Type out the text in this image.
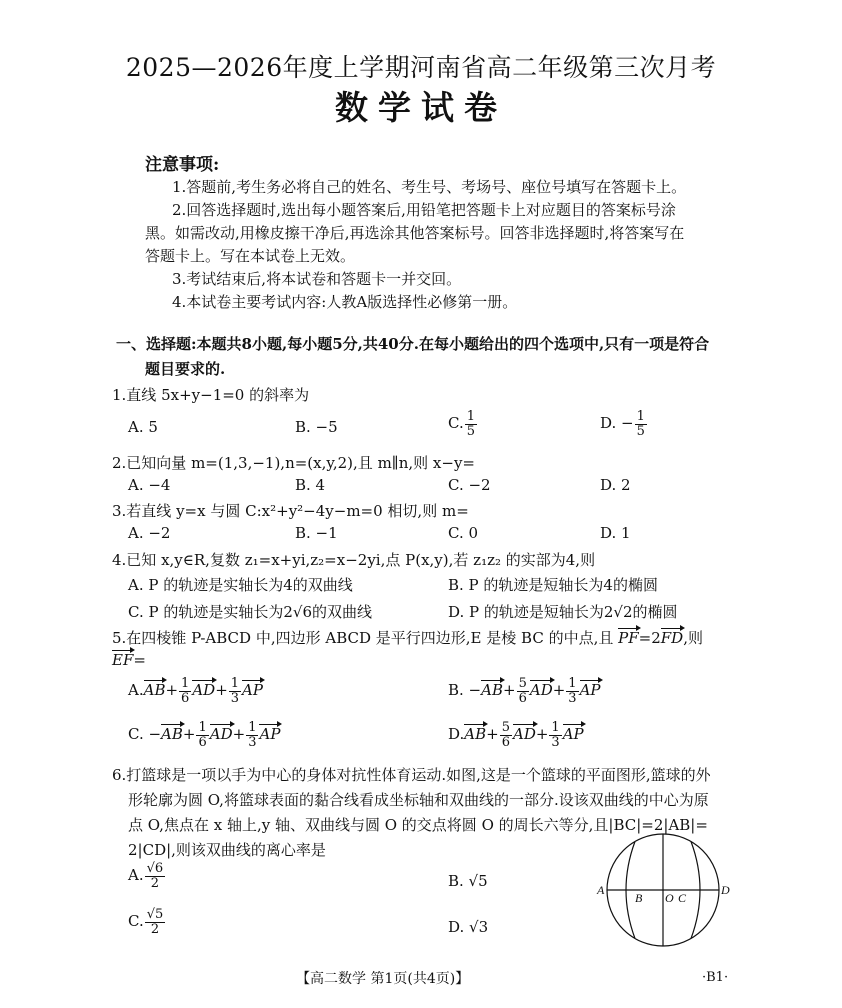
2025—2026年度上学期河南省高二年级第三次月考
数学试卷
注意事项:
1.答题前,考生务必将自己的姓名、考生号、考场号、座位号填写在答题卡上。
2.回答选择题时,选出每小题答案后,用铅笔把答题卡上对应题目的答案标号涂
黑。如需改动,用橡皮擦干净后,再选涂其他答案标号。回答非选择题时,将答案写在
答题卡上。写在本试卷上无效。
3.考试结束后,将本试卷和答题卡一并交回。
4.本试卷主要考试内容:人教A版选择性必修第一册。
一、选择题:本题共8小题,每小题5分,共40分.在每小题给出的四个选项中,只有一项是符合
题目要求的.
1.直线 5x+y−1=0 的斜率为
A. 5	B. −5	C. $\frac{1}{5}$	D. − $\frac{1}{5}$
2.已知向量 m=(1,3,−1),n=(x,y,2),且 m∥n,则 x−y=
A. −4	B. 4	C. −2	D. 2
3.若直线 y=x 与圆 C:x²+y²−4y−m=0 相切,则 m=
A. −2	B. −1	C. 0	D. 1
4.已知 x,y∈R,复数 z₁=x+yi,z₂=x−2yi,点 P(x,y),若 z₁z₂ 的实部为4,则
A. P 的轨迹是实轴长为4的双曲线	B. P 的轨迹是短轴长为4的椭圆
C. P 的轨迹是实轴长为2√6的双曲线	D. P 的轨迹是短轴长为2√2的椭圆
5.在四棱锥 P-ABCD 中,四边形 ABCD 是平行四边形,E 是棱 BC 的中点,且 PF=2FD,则
EF=
$A.AB+ \frac{1}{6} AD+ \frac{1}{3}$ AP	B. $-AB+ \frac{5}{6} AD+ \frac{1}{3}$ AP
C. $-AB+ \frac{1}{6} AD+ \frac{1}{3}$ AP	$D.AB+ \frac{5}{6} AD+ \frac{1}{3}$ AP
6.打篮球是一项以手为中心的身体对抗性体育运动.如图,这是一个篮球的平面图形,篮球的外
形轮廓为圆 O,将篮球表面的黏合线看成坐标轴和双曲线的一部分.设该双曲线的中心为原
点 O,焦点在 x 轴上,y 轴、双曲线与圆 O 的交点将圆 O 的周长六等分,且|BC|=2|AB|=
2|CD|,则该双曲线的离心率是
A. $\frac{√6}{2}$	B. √5
C. $\frac{√5}{2}$	D. √3
A
B O C
D
【高二数学 第1页(共4页)】	·B1·
